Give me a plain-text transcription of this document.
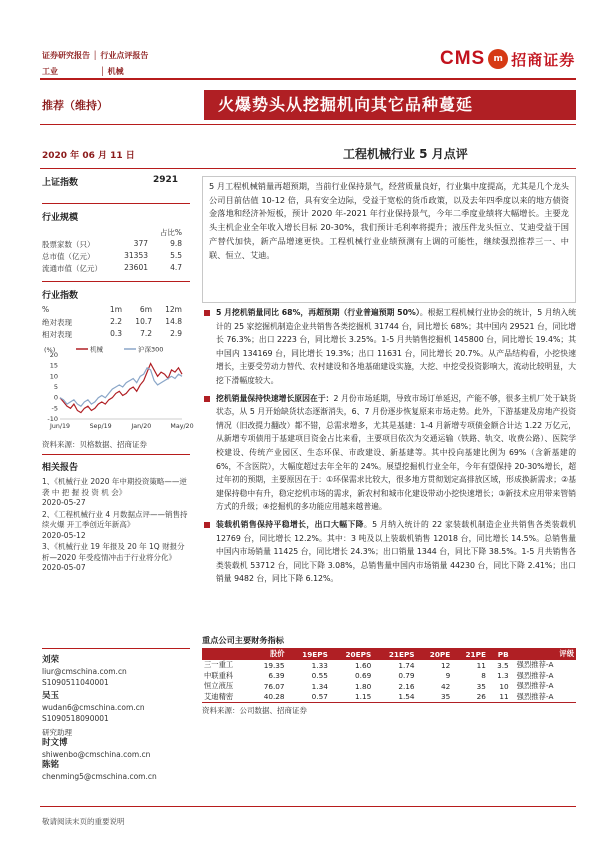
证券研究报告 │ 行业点评报告
工业	│ 机械
CMS m 招商证券
推荐（维持）	火爆势头从挖掘机向其它品种蔓延
2020 年 06 月 11 日	工程机械行业 5 月点评
上证指数	2921
行业规模
占比%
股票家数（只）	377	9.8
总市值（亿元）	31353	5.5
流通市值（亿元）	23601	4.7
行业指数
%	1m	6m	12m
绝对表现	2.2	10.7	14.8
相对表现	0.3	7.2	2.9
(%)	机械	沪深300
20
15
10
5
0
-5
-10
Jun/19	Sep/19	Jan/20	May/20
资料来源：贝格数据、招商证券
相关报告
1、《机械行业 2020 年中期投资策略——逆 袭 中 把 握 投 资 机 会》
2020-05-27
2、《工程机械行业 4 月数据点评——销售持续火爆 开工季创近年新高》
2020-05-12
3、《机械行业 19 年报及 20 年 1Q 财报分析—2020 年受疫情冲击于行业将分化》
2020-05-07
刘荣
liur@cmschina.com.cn
S1090511040001
吴玉
wudan6@cmschina.com.cn
S1090518090001
研究助理
时文博
shiwenbo@cmschina.com.cn
陈铭
chenming5@cmschina.com.cn
5 月工程机械销量再超预期，当前行业保持景气，经营质量良好，行业集中度提高，尤其是几个龙头公司目前估值 10-12 倍，具有安全边际，受益于宽松的货币政策，以及去年四季度以来的地方债资金落地和经济补短板，预计 2020 年-2021 年行业保持景气，今年二季度业绩将大幅增长。主要龙头主机企业全年收入增长目标 20-30%，我们预计毛利率将提升；液压件龙头恒立、艾迪受益于国产替代加快，新产品增速更快。工程机械行业业绩预测有上调的可能性，继续强烈推荐三一、中联、恒立、艾迪。
5 月挖机销量同比 68%，再超预期（行业普遍预期 50%）。根据工程机械行业协会的统计，5 月纳入统计的 25 家挖掘机制造企业共销售各类挖掘机 31744 台，同比增长 68%；其中国内 29521 台，同比增长 76.3%；出口 2223 台，同比增长 3.25%。1-5 月共销售挖掘机 145800 台，同比增长 19.4%；其中国内 134169 台，同比增长 19.3%；出口 11631 台，同比增长 20.7%。从产品结构看，小挖快速增长，主要受劳动力替代、农村建设和各地基础建设实施，大挖、中挖受投资影响大，流动比较明显，大挖下滑幅度较大。
挖机销量保持快速增长原因在于：2 月份市场延期，导致市场订单延迟，产能不够，很多主机厂处于缺货状态，从 5 月开始缺货状态逐渐消失，6、7 月份逐步恢复原来市场走势。此外，下游基建及房地产投资情况（旧改提力翻改）都不错，总需求增多，尤其是基建：1-4 月新增专项债金额合计达 1.22 万亿元，从新增专项债用于基建项目资金占比来看，主要项目依次为交通运输（铁路、轨交、收费公路）、医院学校建设、传统产业园区、生态环保、市政建设、新基建等。其中投向基建比例为 69%（含新基建的 6%，不含医院），大幅度超过去年全年的 24%。展望挖掘机行业全年，今年有望保持 20-30%增长，超过年初的预期，主要原因在于：①环保需求比较大，很多地方贯彻划定高排放区域，形成换新需求；②基建保持稳中有升，稳定挖机市场的需求，新农村和城市化建设带动小挖快速增长；③新技术应用带来管销方式的升级；④挖掘机的多功能应用越来越普遍。
装载机销售保持平稳增长，出口大幅下降。5 月纳入统计的 22 家装载机制造企业共销售各类装载机 12769 台，同比增长 12.2%。其中：3 吨及以上装载机销售 12018 台，同比增长 14.5%。总销售量中国内市场销量 11425 台，同比增长 24.3%；出口销量 1344 台，同比下降 38.5%。1-5 月共销售各类装载机 53712 台，同比下降 3.08%，总销售量中国内市场销量 44230 台，同比下降 2.41%；出口销量 9482 台，同比下降 6.12%。
重点公司主要财务指标
	股价	19EPS	20EPS	21EPS	20PE	21PE	PB	评级
三一重工	19.35	1.33	1.60	1.74	12	11	3.5	强烈推荐-A
中联重科	6.39	0.55	0.69	0.79	9	8	1.3	强烈推荐-A
恒立液压	76.07	1.34	1.80	2.16	42	35	10	强烈推荐-A
艾迪精密	40.28	0.57	1.15	1.54	35	26	11	强烈推荐-A
资料来源：公司数据、招商证券
敬请阅读末页的重要说明
